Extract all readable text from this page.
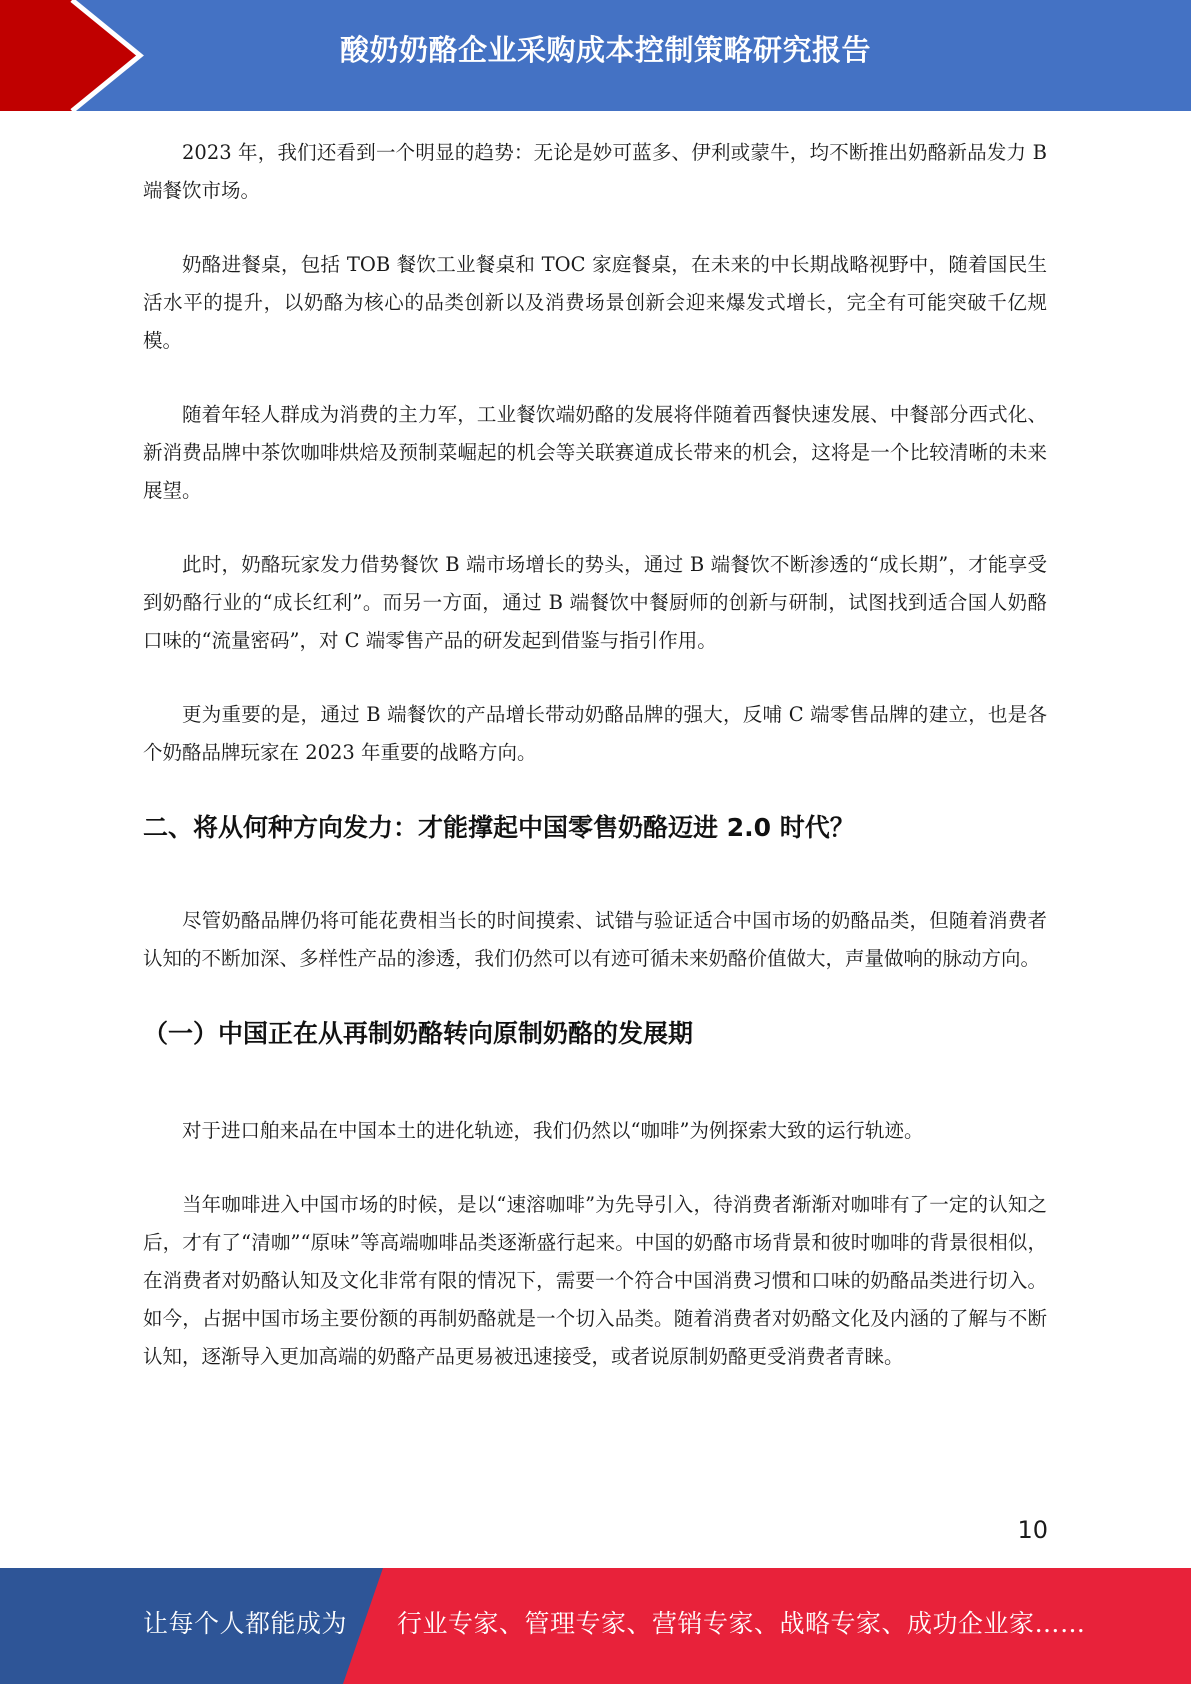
酸奶奶酪企业采购成本控制策略研究报告

2023 年，我们还看到一个明显的趋势：无论是妙可蓝多、伊利或蒙牛，均不断推出奶酪新品发力 B 端餐饮市场。

奶酪进餐桌，包括 TOB 餐饮工业餐桌和 TOC 家庭餐桌，在未来的中长期战略视野中，随着国民生活水平的提升，以奶酪为核心的品类创新以及消费场景创新会迎来爆发式增长，完全有可能突破千亿规模。

随着年轻人群成为消费的主力军，工业餐饮端奶酪的发展将伴随着西餐快速发展、中餐部分西式化、新消费品牌中茶饮咖啡烘焙及预制菜崛起的机会等关联赛道成长带来的机会，这将是一个比较清晰的未来展望。

此时，奶酪玩家发力借势餐饮 B 端市场增长的势头，通过 B 端餐饮不断渗透的“成长期”，才能享受到奶酪行业的“成长红利”。而另一方面，通过 B 端餐饮中餐厨师的创新与研制，试图找到适合国人奶酪口味的“流量密码”，对 C 端零售产品的研发起到借鉴与指引作用。

更为重要的是，通过 B 端餐饮的产品增长带动奶酪品牌的强大，反哺 C 端零售品牌的建立，也是各个奶酪品牌玩家在 2023 年重要的战略方向。

二、将从何种方向发力：才能撑起中国零售奶酪迈进 2.0 时代？

尽管奶酪品牌仍将可能花费相当长的时间摸索、试错与验证适合中国市场的奶酪品类，但随着消费者认知的不断加深、多样性产品的渗透，我们仍然可以有迹可循未来奶酪价值做大，声量做响的脉动方向。

（一）中国正在从再制奶酪转向原制奶酪的发展期

对于进口舶来品在中国本土的进化轨迹，我们仍然以“咖啡”为例探索大致的运行轨迹。

当年咖啡进入中国市场的时候，是以“速溶咖啡”为先导引入，待消费者渐渐对咖啡有了一定的认知之后，才有了“清咖”“原味”等高端咖啡品类逐渐盛行起来。中国的奶酪市场背景和彼时咖啡的背景很相似，在消费者对奶酪认知及文化非常有限的情况下，需要一个符合中国消费习惯和口味的奶酪品类进行切入。如今，占据中国市场主要份额的再制奶酪就是一个切入品类。随着消费者对奶酪文化及内涵的了解与不断认知，逐渐导入更加高端的奶酪产品更易被迅速接受，或者说原制奶酪更受消费者青睐。

10
让每个人都能成为 行业专家、管理专家、营销专家、战略专家、成功企业家……
